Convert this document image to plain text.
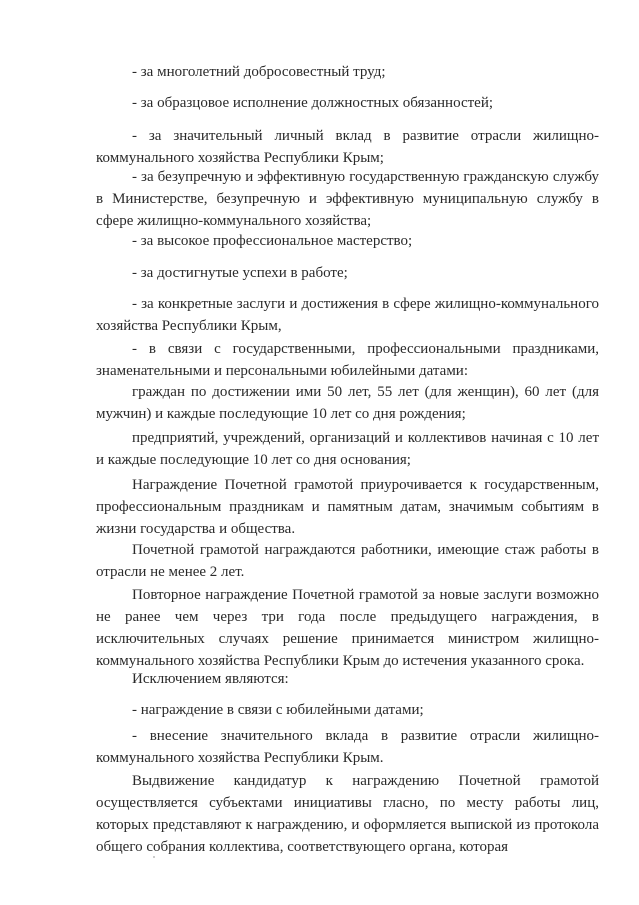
- за многолетний добросовестный труд;

- за образцовое исполнение должностных обязанностей;

- за значительный личный вклад в развитие отрасли жилищно-коммунального хозяйства Республики Крым;

- за безупречную и эффективную государственную гражданскую службу в Министерстве, безупречную и эффективную муниципальную службу в сфере жилищно-коммунального хозяйства;

- за высокое профессиональное мастерство;

- за достигнутые успехи в работе;

- за конкретные заслуги и достижения в сфере жилищно-коммунального хозяйства Республики Крым,

- в связи с государственными, профессиональными праздниками, знаменательными и персональными юбилейными датами:

граждан по достижении ими 50 лет, 55 лет (для женщин), 60 лет (для мужчин) и каждые последующие 10 лет со дня рождения;

предприятий, учреждений, организаций и коллективов начиная с 10 лет и каждые последующие 10 лет со дня основания;

Награждение Почетной грамотой приурочивается к государственным, профессиональным праздникам и памятным датам, значимым событиям в жизни государства и общества.

Почетной грамотой награждаются работники, имеющие стаж работы в отрасли не менее 2 лет.

Повторное награждение Почетной грамотой за новые заслуги возможно не ранее чем через три года после предыдущего награждения, в исключительных случаях решение принимается министром жилищно-коммунального хозяйства Республики Крым до истечения указанного срока.

Исключением являются:

- награждение в связи с юбилейными датами;

- внесение значительного вклада в развитие отрасли жилищно-коммунального хозяйства Республики Крым.

Выдвижение кандидатур к награждению Почетной грамотой осуществляется субъектами инициативы гласно, по месту работы лиц, которых представляют к награждению, и оформляется выпиской из протокола общего собрания коллектива, соответствующего органа, которая
